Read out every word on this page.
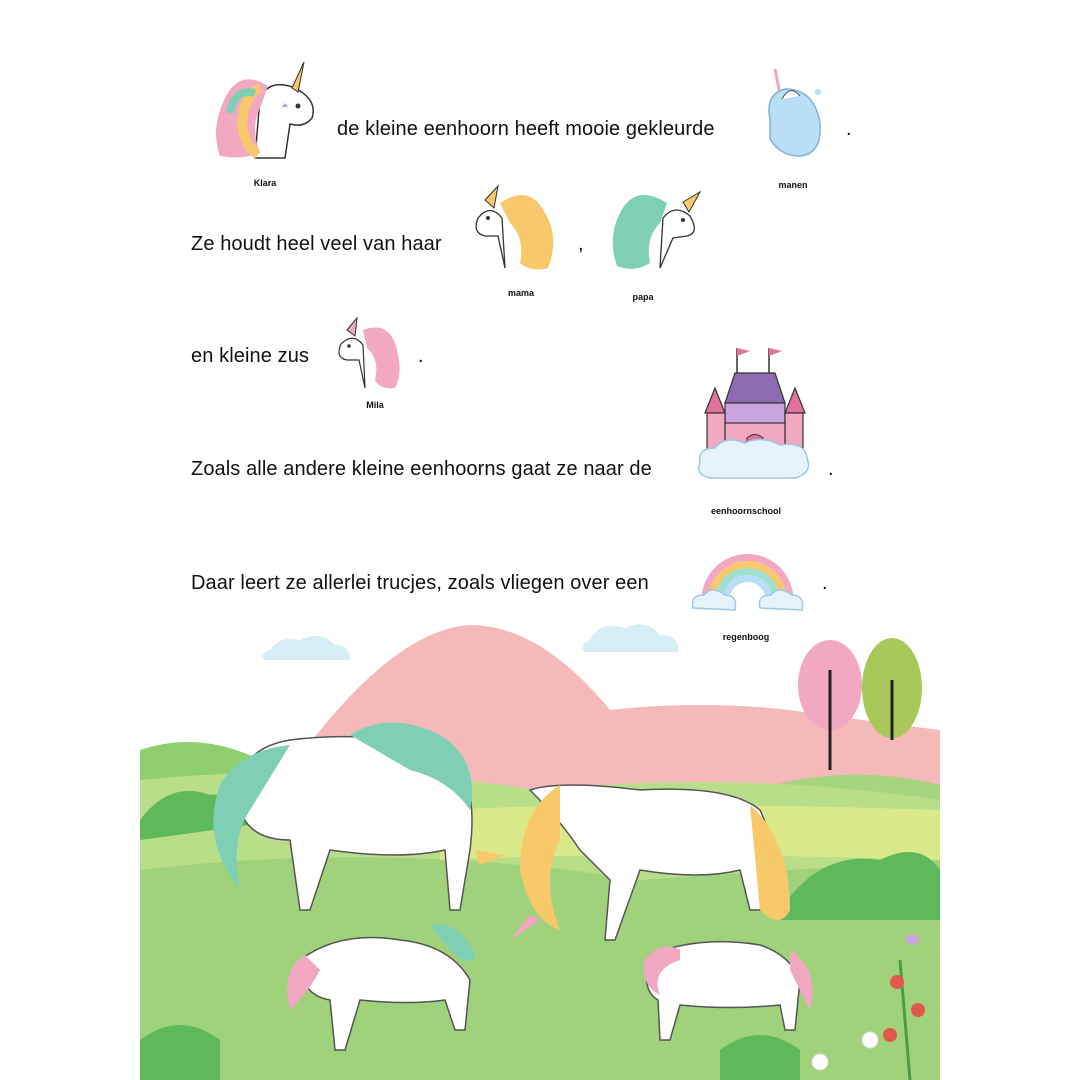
Klara
de kleine eenhoorn heeft mooie gekleurde
manen
.
Ze houdt heel veel van haar	,
mama	papa
en kleine zus
Mila
.
Zoals alle andere kleine eenhoorns gaat ze naar de
eenhoornschool
.
Daar leert ze allerlei trucjes, zoals vliegen over een
regenboog
.
